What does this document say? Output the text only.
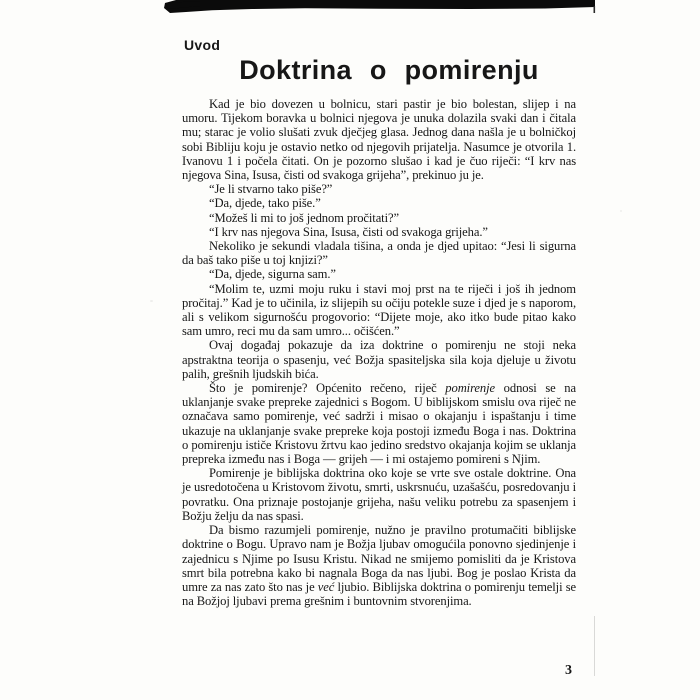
Uvod
Doktrina o pomirenju

Kad je bio dovezen u bolnicu, stari pastir je bio bolestan, slijep i na umoru. Tijekom boravka u bolnici njegova je unuka dolazila svaki dan i čitala mu; starac je volio slušati zvuk dječjeg glasa. Jednog dana našla je u bolničkoj sobi Bibliju koju je ostavio netko od njegovih prijatelja. Nasumce je otvorila 1. Ivanovu 1 i počela čitati. On je pozorno slušao i kad je čuo riječi: “I krv nas njegova Sina, Isusa, čisti od svakoga grijeha”, prekinuo ju je.

“Je li stvarno tako piše?”

“Da, djede, tako piše.”

“Možeš li mi to još jednom pročitati?”

“I krv nas njegova Sina, Isusa, čisti od svakoga grijeha.”

Nekoliko je sekundi vladala tišina, a onda je djed upitao: “Jesi li sigurna da baš tako piše u toj knjizi?”

“Da, djede, sigurna sam.”

“Molim te, uzmi moju ruku i stavi moj prst na te riječi i još ih jednom pročitaj.” Kad je to učinila, iz slijepih su očiju potekle suze i djed je s naporom, ali s velikom sigurnošću progovorio: “Dijete moje, ako itko bude pitao kako sam umro, reci mu da sam umro... očišćen.”

Ovaj događaj pokazuje da iza doktrine o pomirenju ne stoji neka apstraktna teorija o spasenju, već Božja spasiteljska sila koja djeluje u životu palih, grešnih ljudskih bića.

Što je pomirenje? Općenito rečeno, riječ pomirenje odnosi se na uklanjanje svake prepreke zajednici s Bogom. U biblijskom smislu ova riječ ne označava samo pomirenje, već sadrži i misao o okajanju i ispaštanju i time ukazuje na uklanjanje svake prepreke koja postoji između Boga i nas. Doktrina o pomirenju ističe Kristovu žrtvu kao jedino sredstvo okajanja kojim se uklanja prepreka između nas i Boga — grijeh — i mi ostajemo pomireni s Njim.

Pomirenje je biblijska doktrina oko koje se vrte sve ostale doktrine. Ona je usredotočena u Kristovom životu, smrti, uskrsnuću, uzašašću, posredovanju i povratku. Ona priznaje postojanje grijeha, našu veliku potrebu za spasenjem i Božju želju da nas spasi.

Da bismo razumjeli pomirenje, nužno je pravilno protumačiti biblijske doktrine o Bogu. Upravo nam je Božja ljubav omogućila ponovno sjedinjenje i zajednicu s Njime po Isusu Kristu. Nikad ne smijemo pomisliti da je Kristova smrt bila potrebna kako bi nagnala Boga da nas ljubi. Bog je poslao Krista da umre za nas zato što nas je već ljubio. Biblijska doktrina o pomirenju temelji se na Božjoj ljubavi prema grešnim i buntovnim stvorenjima.

3
